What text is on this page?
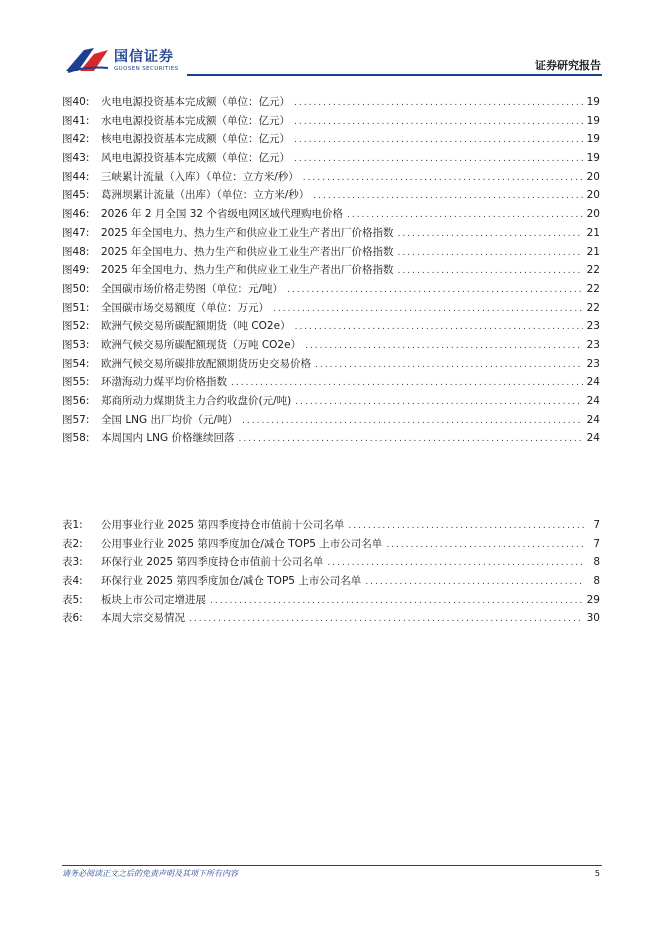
国信证券
GUOSEN SECURITIES	证券研究报告
图40:	火电电源投资基本完成额（单位：亿元） .....	19
图41:	水电电源投资基本完成额（单位：亿元） .....	19
图42:	核电电源投资基本完成额（单位：亿元） .....	19
图43:	风电电源投资基本完成额（单位：亿元） .....	19
图44:	三峡累计流量（入库）（单位：立方米/秒） .....	20
图45:	葛洲坝累计流量（出库）（单位：立方米/秒） .....	20
图46:	2026 年 2 月全国 32 个省级电网区域代理购电价格 .....	20
图47:	2025 年全国电力、热力生产和供应业工业生产者出厂价格指数 .....	21
图48:	2025 年全国电力、热力生产和供应业工业生产者出厂价格指数 .....	21
图49:	2025 年全国电力、热力生产和供应业工业生产者出厂价格指数 .....	22
图50:	全国碳市场价格走势图（单位：元/吨） .....	22
图51:	全国碳市场交易额度（单位：万元） .....	22
图52:	欧洲气候交易所碳配额期货（吨 CO2e） .....	23
图53:	欧洲气候交易所碳配额现货（万吨 CO2e） .....	23
图54:	欧洲气候交易所碳排放配额期货历史交易价格 .....	23
图55:	环渤海动力煤平均价格指数 .....	24
图56:	郑商所动力煤期货主力合约收盘价(元/吨) .....	24
图57:	全国 LNG 出厂均价（元/吨） .....	24
图58:	本周国内 LNG 价格继续回落 .....	24
表1:	公用事业行业 2025 第四季度持仓市值前十公司名单 .....	7
表2:	公用事业行业 2025 第四季度加仓/减仓 TOP5 上市公司名单 .....	7
表3:	环保行业 2025 第四季度持仓市值前十公司名单 .....	8
表4:	环保行业 2025 第四季度加仓/减仓 TOP5 上市公司名单 .....	8
表5:	板块上市公司定增进展 .....	29
表6:	本周大宗交易情况 .....	30
请务必阅读正文之后的免责声明及其项下所有内容	5
